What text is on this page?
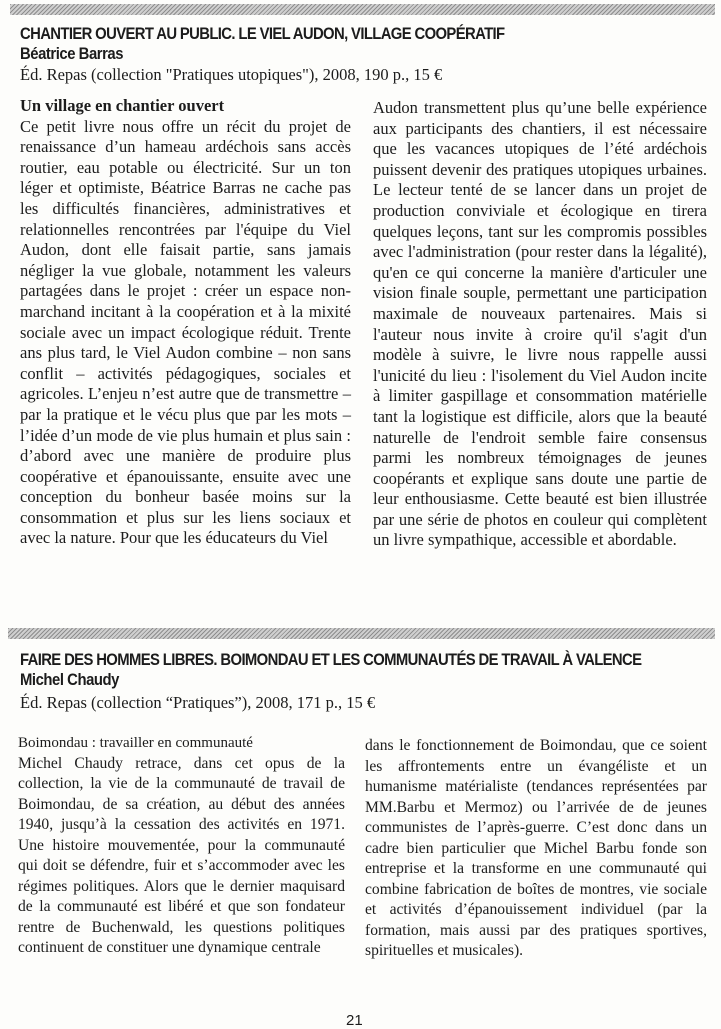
CHANTIER OUVERT AU PUBLIC. LE VIEL AUDON, VILLAGE COOPÉRATIF
Béatrice Barras

Éd. Repas (collection "Pratiques utopiques"), 2008, 190 p., 15 €

Un village en chantier ouvert
Ce petit livre nous offre un récit du projet de renaissance d’un hameau ardéchois sans accès routier, eau potable ou électricité. Sur un ton léger et optimiste, Béatrice Barras ne cache pas les difficultés financières, administratives et relationnelles rencontrées par l'équipe du Viel Audon, dont elle faisait partie, sans jamais négliger la vue globale, notamment les valeurs partagées dans le projet : créer un espace non-marchand incitant à la coopération et à la mixité sociale avec un impact écologique réduit. Trente ans plus tard, le Viel Audon combine – non sans conflit – activités pédagogiques, sociales et agricoles. L’enjeu n’est autre que de transmettre – par la pratique et le vécu plus que par les mots – l’idée d’un mode de vie plus humain et plus sain : d’abord avec une manière de produire plus coopérative et épanouissante, ensuite avec une conception du bonheur basée moins sur la consommation et plus sur les liens sociaux et avec la nature. Pour que les éducateurs du Viel
Audon transmettent plus qu’une belle expérience aux participants des chantiers, il est nécessaire que les vacances utopiques de l’été ardéchois puissent devenir des pratiques utopiques urbaines. Le lecteur tenté de se lancer dans un projet de production conviviale et écologique en tirera quelques leçons, tant sur les compromis possibles avec l'administration (pour rester dans la légalité), qu'en ce qui concerne la manière d'articuler une vision finale souple, permettant une participation maximale de nouveaux partenaires. Mais si l'auteur nous invite à croire qu'il s'agit d'un modèle à suivre, le livre nous rappelle aussi l'unicité du lieu : l'isolement du Viel Audon incite à limiter gaspillage et consommation matérielle tant la logistique est difficile, alors que la beauté naturelle de l'endroit semble faire consensus parmi les nombreux témoignages de jeunes coopérants et explique sans doute une partie de leur enthousiasme. Cette beauté est bien illustrée par une série de photos en couleur qui complètent un livre sympathique, accessible et abordable.
FAIRE DES HOMMES LIBRES. BOIMONDAU ET LES COMMUNAUTÉS DE TRAVAIL À VALENCE
Michel Chaudy

Éd. Repas (collection “Pratiques”), 2008, 171 p., 15 €

Boimondau : travailler en communauté
Michel Chaudy retrace, dans cet opus de la collection, la vie de la communauté de travail de Boimondau, de sa création, au début des années 1940, jusqu’à la cessation des activités en 1971. Une histoire mouvementée, pour la communauté qui doit se défendre, fuir et s’accommoder avec les régimes politiques. Alors que le dernier maquisard de la communauté est libéré et que son fondateur rentre de Buchenwald, les questions politiques continuent de constituer une dynamique centrale
dans le fonctionnement de Boimondau, que ce soient les affrontements entre un évangéliste et un humanisme matérialiste (tendances représentées par MM.Barbu et Mermoz) ou l’arrivée de de jeunes communistes de l’après-guerre. C’est donc dans un cadre bien particulier que Michel Barbu fonde son entreprise et la transforme en une communauté qui combine fabrication de boîtes de montres, vie sociale et activités d’épanouissement individuel (par la formation, mais aussi par des pratiques sportives, spirituelles et musicales).
21
